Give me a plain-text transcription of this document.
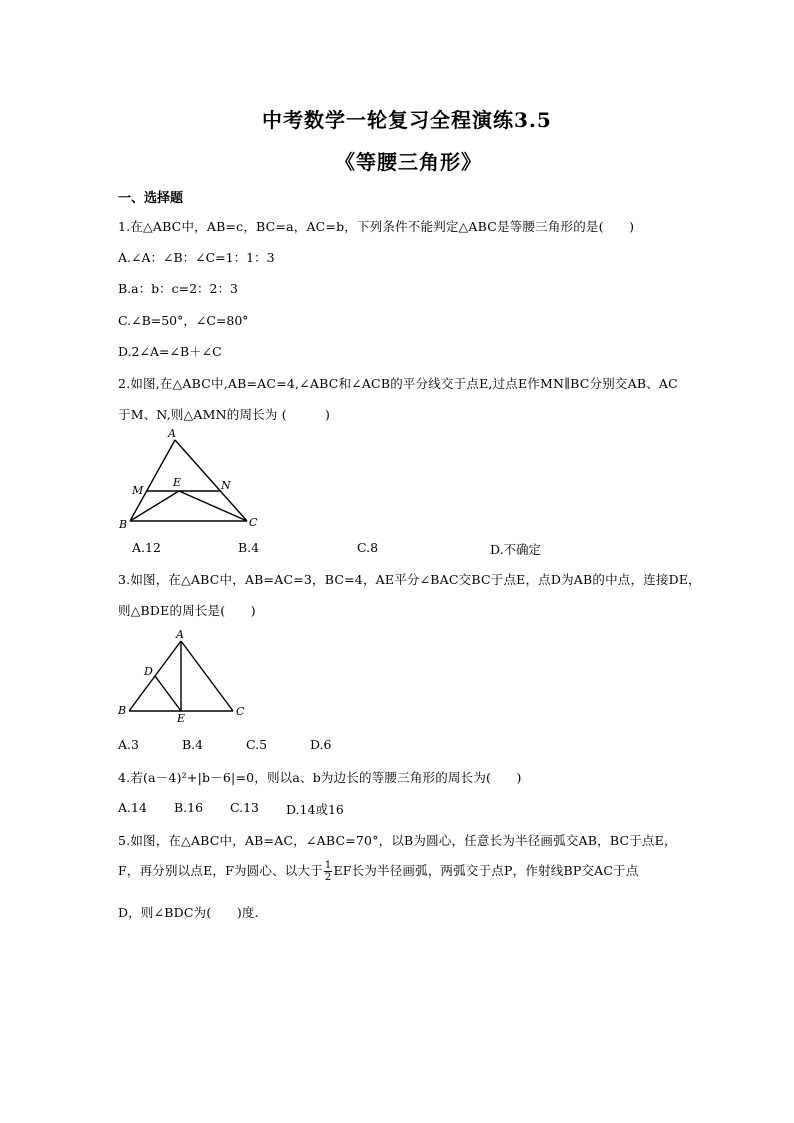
中考数学一轮复习全程演练3.5
《等腰三角形》
一、选择题
1.在△ABC中，AB=c，BC=a，AC=b，下列条件不能判定△ABC是等腰三角形的是(　　)
A.∠A：∠B：∠C=1：1：3
B.a：b：c=2：2：3
C.∠B=50°，∠C=80°
D.2∠A=∠B＋∠C
2.如图,在△ABC中,AB=AC=4,∠ABC和∠ACB的平分线交于点E,过点E作MN∥BC分别交AB、AC
于M、N,则△AMN的周长为 (　　　)
A
M
E	N
B	C
A.12	B.4	C.8	D.不确定
3.如图，在△ABC中，AB=AC=3，BC=4，AE平分∠BAC交BC于点E，点D为AB的中点，连接DE，
则△BDE的周长是(　　)
A
D
B
E
C
A.3	B.4	C.5	D.6
4.若(a－4)²+|b－6|=0，则以a、b为边长的等腰三角形的周长为(　　)
A.14 B.16 C.13 D.14或16
5.如图，在△ABC中，AB=AC，∠ABC=70°，以B为圆心，任意长为半径画弧交AB，BC于点E，
F，再分别以点E，F为圆心、以大于 $\frac{1}{2}$ EF长为半径画弧，两弧交于点P，作射线BP交AC于点
D，则∠BDC为(　　)度.
